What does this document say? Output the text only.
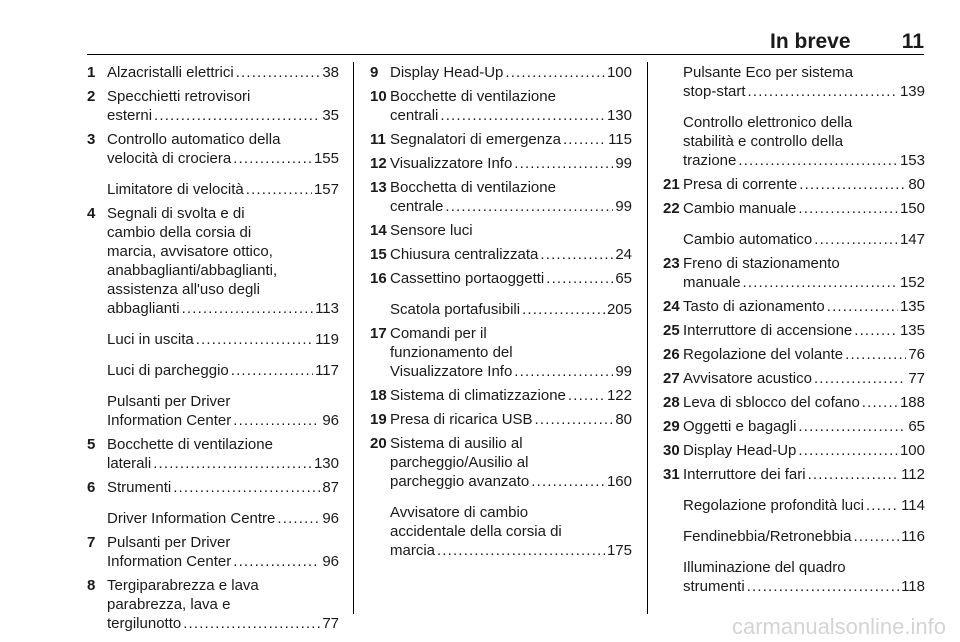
In breve 11
1 Alzacristalli elettrici . . .	38
2 Specchietti retrovisori
esterni . . .	35
3 Controllo automatico della
velocità di crociera . . .	155
Limitatore di velocità . . .	157
4 Segnali di svolta e di
cambio della corsia di
marcia, avvisatore ottico,
anabbaglianti/abbaglianti,
assistenza all'uso degli
abbaglianti . . .	113
Luci in uscita . . .	119
Luci di parcheggio . . .	117
Pulsanti per Driver
Information Center . . .	96
5 Bocchette di ventilazione
laterali . . .	130
6 Strumenti . . .	87
Driver Information Centre . . .	96
7 Pulsanti per Driver
Information Center . . .	96
8 Tergiparabrezza e lava
parabrezza, lava e
tergilunotto . . .	77
9 Display Head-Up . . .	100
10 Bocchette di ventilazione
centrali . . .	130
11 Segnalatori di emergenza . . .	115
12 Visualizzatore Info . . .	99
13 Bocchetta di ventilazione
centrale . . .	99
14 Sensore luci
15 Chiusura centralizzata . . .	24
16 Cassettino portaoggetti . . .	65
Scatola portafusibili . . .	205
17 Comandi per il
funzionamento del
Visualizzatore Info . . .	99
18 Sistema di climatizzazione . . .	122
19 Presa di ricarica USB . . .	80
20 Sistema di ausilio al
parcheggio/Ausilio al
parcheggio avanzato . . .	160
Avvisatore di cambio
accidentale della corsia di
marcia . . .	175
Pulsante Eco per sistema
stop-start . . .	139
Controllo elettronico della
stabilità e controllo della
trazione . . .	153
21 Presa di corrente . . .	80
22 Cambio manuale . . .	150
Cambio automatico . . .	147
23 Freno di stazionamento
manuale . . .	152
24 Tasto di azionamento . . .	135
25 Interruttore di accensione . . .	135
26 Regolazione del volante . . .	76
27 Avvisatore acustico . . .	77
28 Leva di sblocco del cofano . . .	188
29 Oggetti e bagagli . . .	65
30 Display Head-Up . . .	100
31 Interruttore dei fari . . .	112
Regolazione profondità luci . . . 114
Fendinebbia/Retronebbia . . .	116
Illuminazione del quadro
strumenti . . .	118
carmanualsonline.info
